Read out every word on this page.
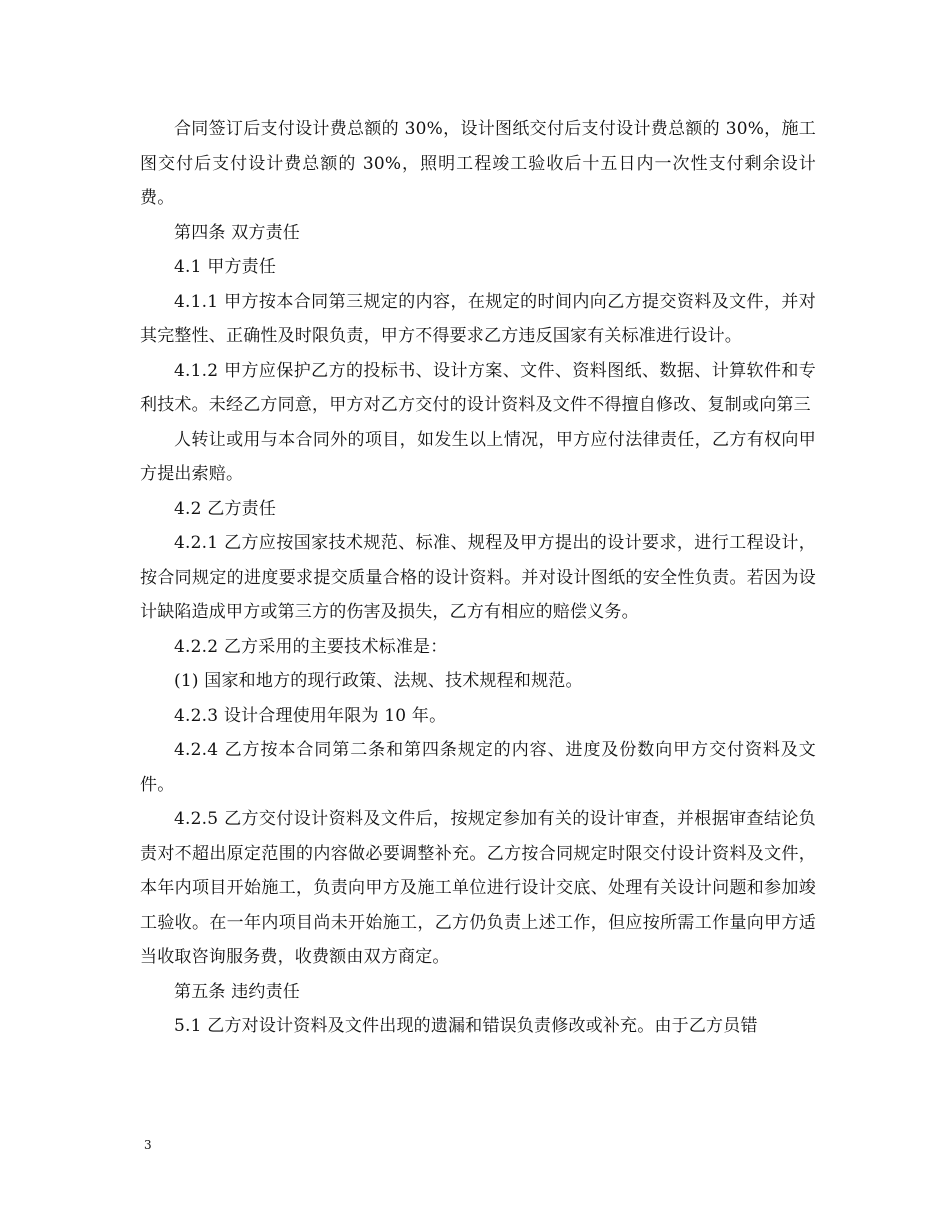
合同签订后支付设计费总额的 30%，设计图纸交付后支付设计费总额的 30%，施工图交付后支付设计费总额的 30%，照明工程竣工验收后十五日内一次性支付剩余设计费。

第四条 双方责任

4.1 甲方责任

4.1.1 甲方按本合同第三规定的内容，在规定的时间内向乙方提交资料及文件，并对其完整性、正确性及时限负责，甲方不得要求乙方违反国家有关标准进行设计。

4.1.2 甲方应保护乙方的投标书、设计方案、文件、资料图纸、数据、计算软件和专利技术。未经乙方同意，甲方对乙方交付的设计资料及文件不得擅自修改、复制或向第三

人转让或用与本合同外的项目，如发生以上情况，甲方应付法律责任，乙方有权向甲方提出索赔。

4.2 乙方责任

4.2.1 乙方应按国家技术规范、标准、规程及甲方提出的设计要求，进行工程设计，按合同规定的进度要求提交质量合格的设计资料。并对设计图纸的安全性负责。若因为设计缺陷造成甲方或第三方的伤害及损失，乙方有相应的赔偿义务。

4.2.2 乙方采用的主要技术标准是：

(1) 国家和地方的现行政策、法规、技术规程和规范。

4.2.3 设计合理使用年限为 10 年。

4.2.4 乙方按本合同第二条和第四条规定的内容、进度及份数向甲方交付资料及文件。

4.2.5 乙方交付设计资料及文件后，按规定参加有关的设计审查，并根据审查结论负责对不超出原定范围的内容做必要调整补充。乙方按合同规定时限交付设计资料及文件，本年内项目开始施工，负责向甲方及施工单位进行设计交底、处理有关设计问题和参加竣工验收。在一年内项目尚未开始施工，乙方仍负责上述工作，但应按所需工作量向甲方适当收取咨询服务费，收费额由双方商定。

第五条 违约责任

5.1 乙方对设计资料及文件出现的遗漏和错误负责修改或补充。由于乙方员错

3
